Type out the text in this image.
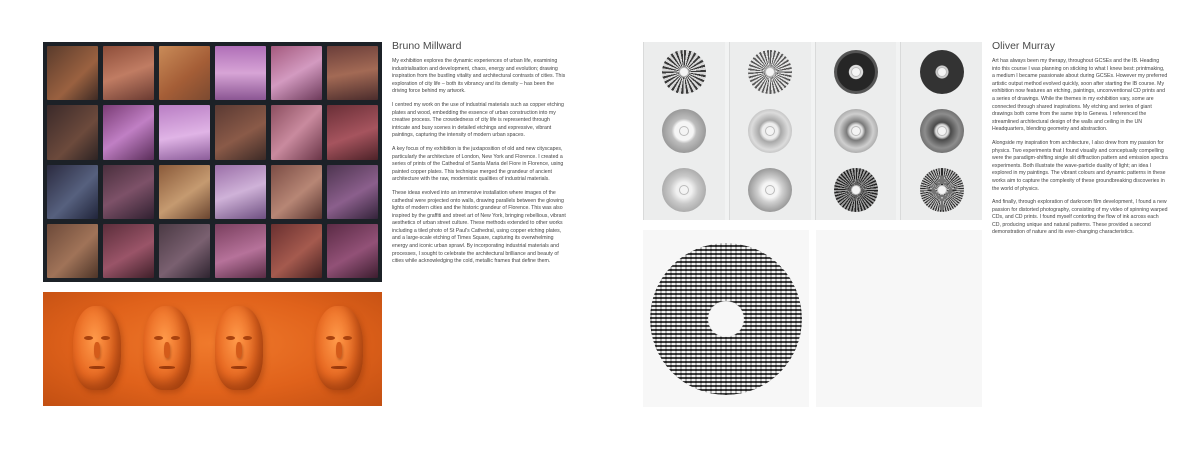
Bruno Millward

My exhibition explores the dynamic experiences of urban life, examining industrialisation and development, chaos, energy and evolution; drawing inspiration from the bustling vitality and architectural contrasts of cities. This exploration of city life – both its vibrancy and its density – has been the driving force behind my artwork.

I centred my work on the use of industrial materials such as copper etching plates and wood, embedding the essence of urban construction into my creative process. The crowdedness of city life is represented through intricate and busy scenes in detailed etchings and expressive, vibrant paintings, capturing the intensity of modern urban spaces.

A key focus of my exhibition is the juxtaposition of old and new cityscapes, particularly the architecture of London, New York and Florence. I created a series of prints of the Cathedral of Santa Maria del Fiore in Florence, using painted copper plates. This technique merged the grandeur of ancient architecture with the raw, modernistic qualities of industrial materials.

These ideas evolved into an immersive installation where images of the cathedral were projected onto walls, drawing parallels between the glowing lights of modern cities and the historic grandeur of Florence. This was also inspired by the graffiti and street art of New York, bringing rebellious, vibrant aesthetics of urban street culture. These methods extended to other works including a tiled photo of St Paul's Cathedral, using copper etching plates, and a large-scale etching of Times Square, capturing its overwhelming energy and iconic urban sprawl. By incorporating industrial materials and processes, I sought to celebrate the architectural brilliance and beauty of cities while acknowledging the cold, metallic frames that define them.

Oliver Murray

Art has always been my therapy, throughout GCSEs and the IB. Heading into this course I was planning on sticking to what I knew best: printmaking, a medium I became passionate about during GCSEs. However my preferred artistic output method evolved quickly, soon after starting the IB course. My exhibition now features an etching, paintings, unconventional CD prints and a series of drawings. While the themes in my exhibition vary, some are connected through shared inspirations. My etching and series of giant drawings both come from the same trip to Geneva. I referenced the streamlined architectural design of the walls and ceiling in the UN Headquarters, blending geometry and abstraction.

Alongside my inspiration from architecture, I also drew from my passion for physics. Two experiments that I found visually and conceptually compelling were the paradigm-shifting single slit diffraction pattern and emission spectra experiments. Both illustrate the wave-particle duality of light; an idea I explored in my paintings. The vibrant colours and dynamic patterns in these works aim to capture the complexity of these groundbreaking discoveries in the world of physics.

And finally, through exploration of darkroom film development, I found a new passion for distorted photography, consisting of my video of spinning warped CDs, and CD prints. I found myself contorting the flow of ink across each CD, producing unique and natural patterns. These provided a second demonstration of nature and its ever-changing characteristics.
